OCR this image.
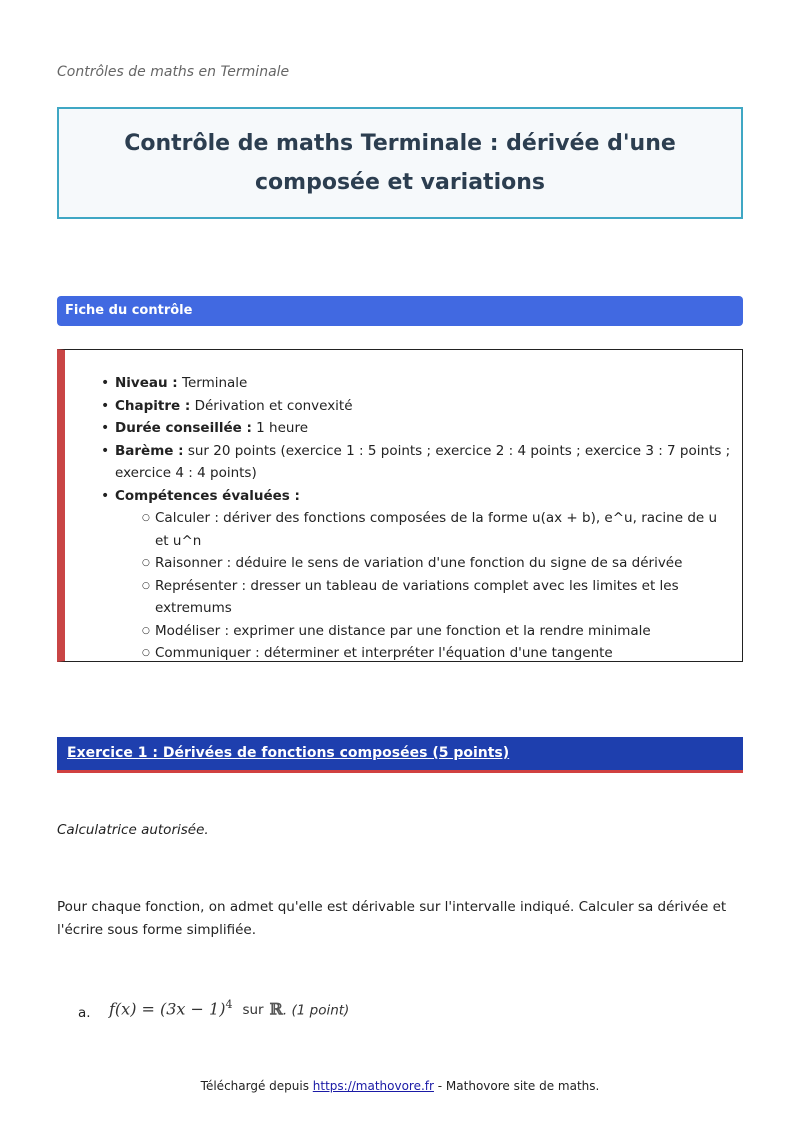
Contrôles de maths en Terminale
Contrôle de maths Terminale : dérivée d'une composée et variations
Fiche du contrôle
• Niveau : Terminale
• Chapitre : Dérivation et convexité
• Durée conseillée : 1 heure
• Barème : sur 20 points (exercice 1 : 5 points ; exercice 2 : 4 points ; exercice 3 : 7 points ; exercice 4 : 4 points)
• Compétences évaluées :
○ Calculer : dériver des fonctions composées de la forme u(ax + b), e^u, racine de u et u^n
○ Raisonner : déduire le sens de variation d'une fonction du signe de sa dérivée
○ Représenter : dresser un tableau de variations complet avec les limites et les extremums
○ Modéliser : exprimer une distance par une fonction et la rendre minimale
○ Communiquer : déterminer et interpréter l'équation d'une tangente
Exercice 1 : Dérivées de fonctions composées (5 points)
Calculatrice autorisée.
Pour chaque fonction, on admet qu'elle est dérivable sur l'intervalle indiqué. Calculer sa dérivée et l'écrire sous forme simplifiée.
a. $f(x) = (3x - 1)^4$ sur ℝ. (1 point)
Téléchargé depuis https://mathovore.fr - Mathovore site de maths.
